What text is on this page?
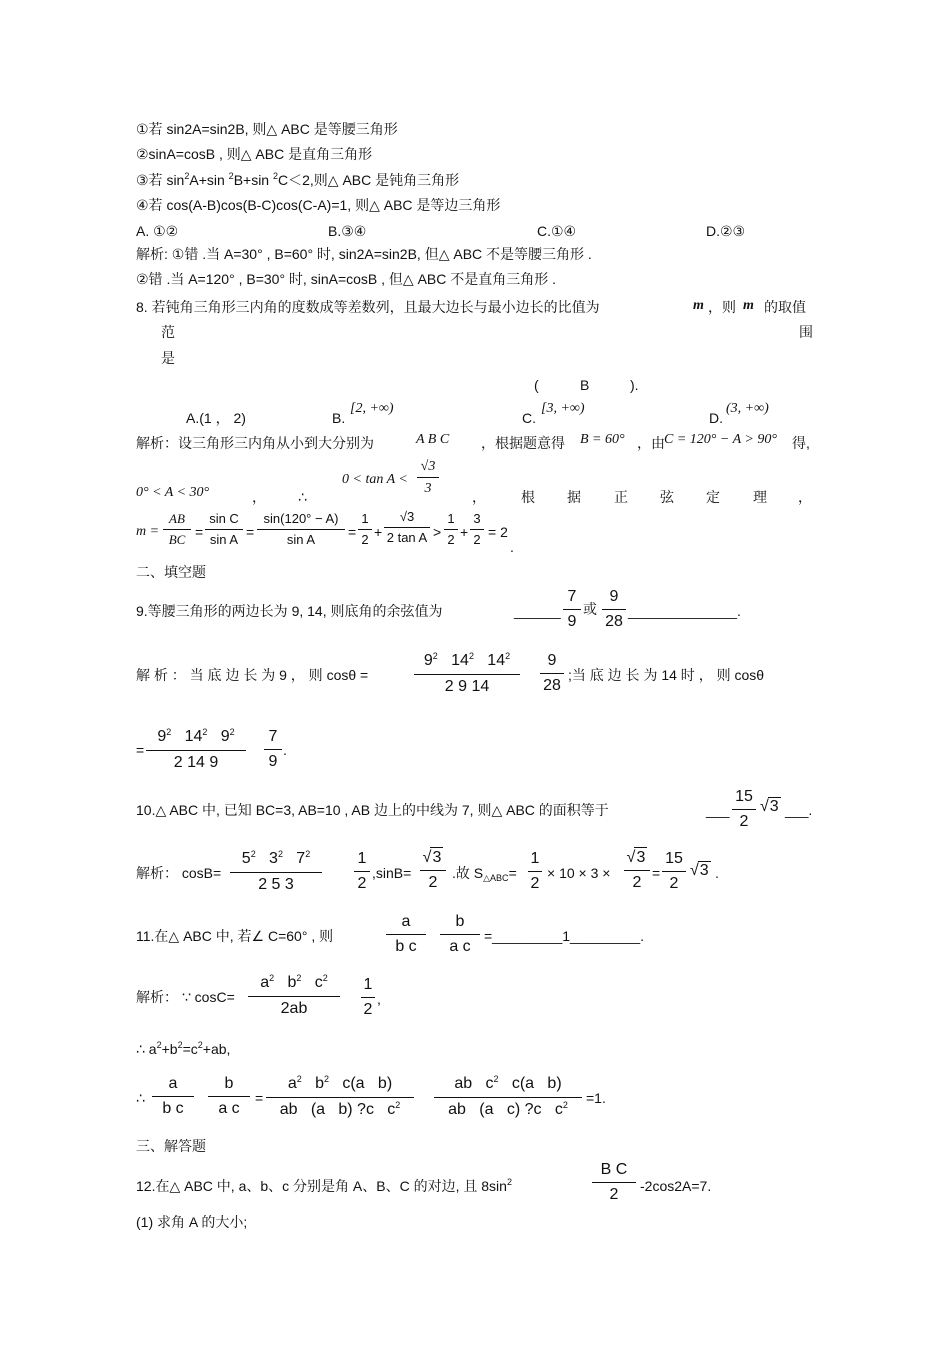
①若 sin2A=sin2B, 则△ ABC 是等腰三角形
②sinA=cosB , 则△ ABC 是直角三角形
③若 $\sin^2A+\sin$ $^2$B+sin $^2$C＜2,则△ ABC 是钝角三角形
④若 cos(A-B)cos(B-C)cos(C-A)=1, 则△ ABC 是等边三角形
A. ①②	B.③④	C.①④	D.②③
解析: ①错 .当 A=30° , B=60° 时, sin2A=sin2B, 但△ ABC 不是等腰三角形 .
②错 .当 A=120° , B=30° 时, sinA=cosB , 但△ ABC 不是直角三角形 .
8. 若钝角三角形三内角的度数成等差数列，且最大边长与最小边长的比值为	m ，则 m 的取值
范	围
是
(	B	).
A.(1 ， 2)	B.
[2, +∞)
C.
[3, +∞)
D.
(3, +∞)
解析：设三角形三内角从小到大分别为	A B C ，根据题意得 B = 60° ，由 C = 120° − A > 90° 得,
0° < A < 30°	， ∴
0 < tan A <
√3
3
，	根 据 正 弦 定 理 ，
m =
AB
BC =
sin C
sin A =
sin(120° − A)
sin A	=
1
2 +
√3
2 tan A >
1
2 +
3
2 = 2
.
二、填空题
9.等腰三角形的两边长为 9, 14, 则底角的余弦值为	______
7
9
或
9
28
______________.
解 析 ： 当 底 边 长 为 9 ， 则 cosθ =
$9^2$   $14^2$   $14^2$
2 9 14
9
28
;当 底 边 长 为 14 时 ， 则 cosθ
=
$9^2$   $14^2$   $9^2$
2 14 9
7
9
.
10.△ ABC 中, 已知 BC=3, AB=10 , AB 边上的中线为 7, 则△ ABC 的面积等于	___
15
2
√3 ___.
解析： cosB=
$5^2$   $3^2$   $7^2$
2 5 3
1
2
,sinB=
√3
2
.故 $S_{\triangle ABC}=$
1
2
× 10 × 3 ×
√3
2
=
15
2
√3 .
11.在△ ABC 中, 若∠ C=60° , 则
a
b c
b
a c
=_________1_________.
解析： ∵ cosC=
$a^2$   $b^2$   $c^2$
2ab
1
2
,
∴ $a^2+b^2=c^2+ab$,
∴
a
b c
b
a c
=
$a^2$   $b^2$   c(a   b)
ab   (a   b) ?c   $c^2$
ab   $c^2$   c(a   b)
ab   (a   c) ?c   $c^2$	=1.
三、解答题
12.在△ ABC 中, a、b、c 分别是角 A、B、C 的对边, 且 $8\sin^2$
B C
2	-2cos2A=7.
(1) 求角 A 的大小;
